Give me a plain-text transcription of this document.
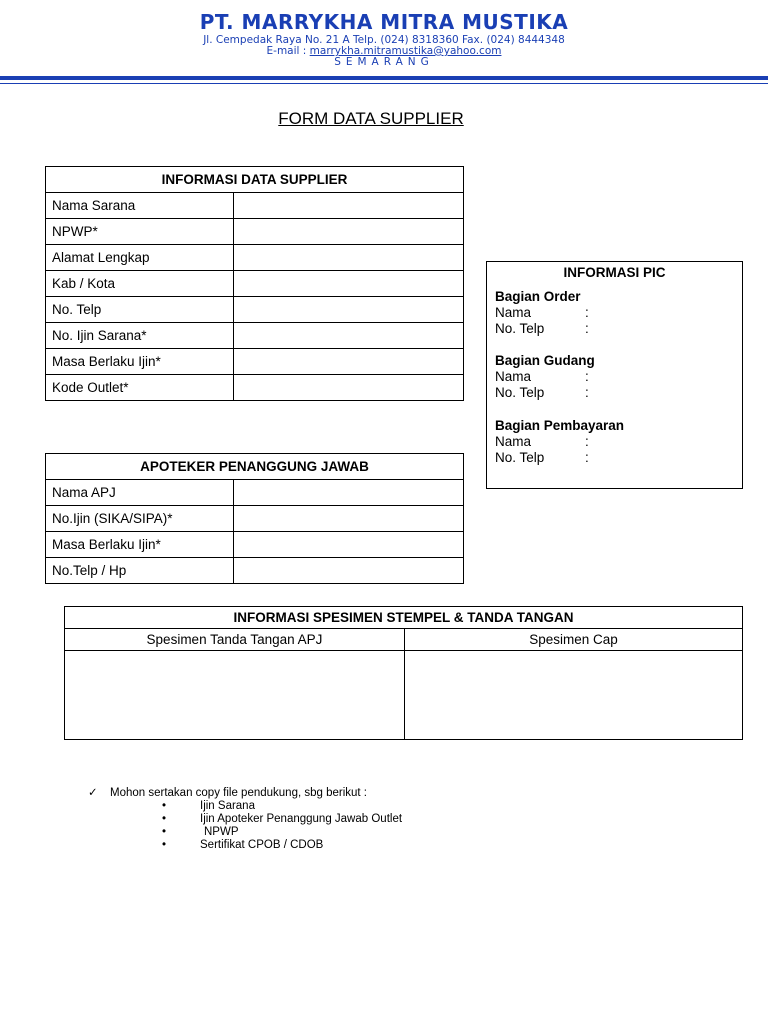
PT. MARRYKHA MITRA MUSTIKA
Jl. Cempedak Raya No. 21 A Telp. (024) 8318360 Fax. (024) 8444348
E-mail : marrykha.mitramustika@yahoo.com
SEMARANG
FORM DATA SUPPLIER
INFORMASI DATA SUPPLIER	
Nama Sarana	
NPWP*	
Alamat Lengkap	
Kab / Kota	
No. Telp	
No. Ijin Sarana*	
Masa Berlaku Ijin*	
Kode Outlet*	
APOTEKER PENANGGUNG JAWAB	
Nama APJ	
No.Ijin (SIKA/SIPA)*	
Masa Berlaku Ijin*	
No.Telp / Hp	
INFORMASI PIC
Bagian Order
Nama	:
No. Telp	:
Bagian Gudang
Nama	:
No. Telp	:
Bagian Pembayaran
Nama	:
No. Telp	:
INFORMASI SPESIMEN STEMPEL & TANDA TANGAN	
Spesimen Tanda Tangan APJ	Spesimen Cap

✓ Mohon sertakan copy file pendukung, sbg berikut :
•	Ijin Sarana
•	Ijin Apoteker Penanggung Jawab Outlet
•	NPWP
•	Sertifikat CPOB / CDOB
